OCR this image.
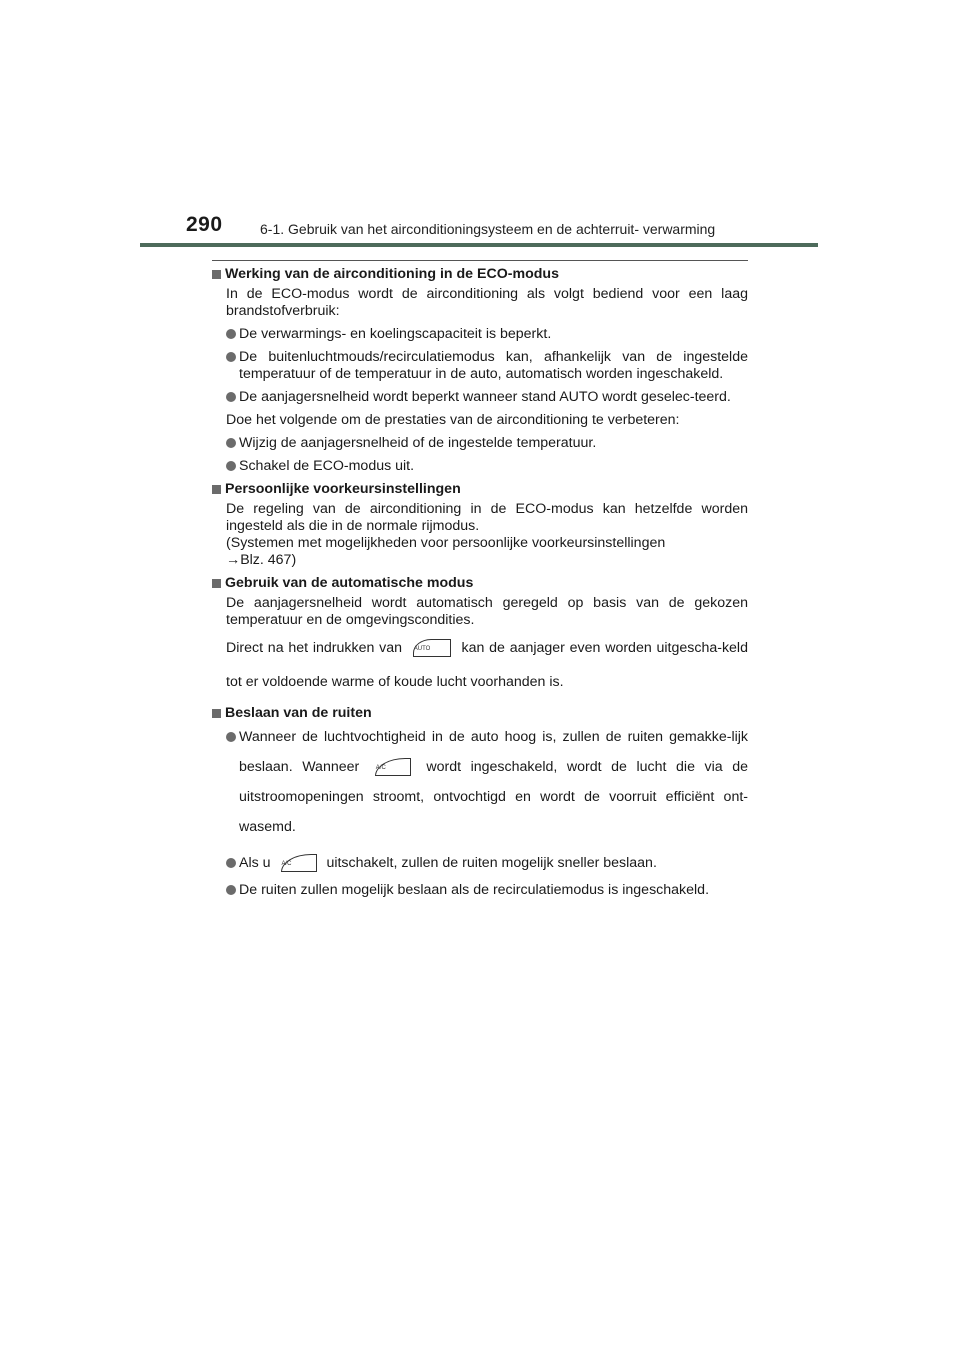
290	6-1. Gebruik van het airconditioningsysteem en de achterruit- verwarming
Werking van de airconditioning in de ECO-modus
In de ECO-modus wordt de airconditioning als volgt bediend voor een laag brandstofverbruik:
De verwarmings- en koelingscapaciteit is beperkt.
De buitenluchtmouds/recirculatiemodus kan, afhankelijk van de ingestelde temperatuur of de temperatuur in de auto, automatisch worden ingeschakeld.
De aanjagersnelheid wordt beperkt wanneer stand AUTO wordt geselec-teerd.
Doe het volgende om de prestaties van de airconditioning te verbeteren:
Wijzig de aanjagersnelheid of de ingestelde temperatuur.
Schakel de ECO-modus uit.
Persoonlijke voorkeursinstellingen
De regeling van de airconditioning in de ECO-modus kan hetzelfde worden ingesteld als die in de normale rijmodus.
(Systemen met mogelijkheden voor persoonlijke voorkeursinstellingen
→Blz. 467)
Gebruik van de automatische modus
De aanjagersnelheid wordt automatisch geregeld op basis van de gekozen temperatuur en de omgevingscondities.
Direct na het indrukken van AUTO kan de aanjager even worden uitgescha-keld tot er voldoende warme of koude lucht voorhanden is.
Beslaan van de ruiten
Wanneer de luchtvochtigheid in de auto hoog is, zullen de ruiten gemakke-lijk beslaan. Wanneer	A/C	wordt ingeschakeld, wordt de lucht die via de uitstroomopeningen stroomt, ontvochtigd en wordt de voorruit efficiënt ont-wasemd.
Als u A/C uitschakelt, zullen de ruiten mogelijk sneller beslaan.
De ruiten zullen mogelijk beslaan als de recirculatiemodus is ingeschakeld.
